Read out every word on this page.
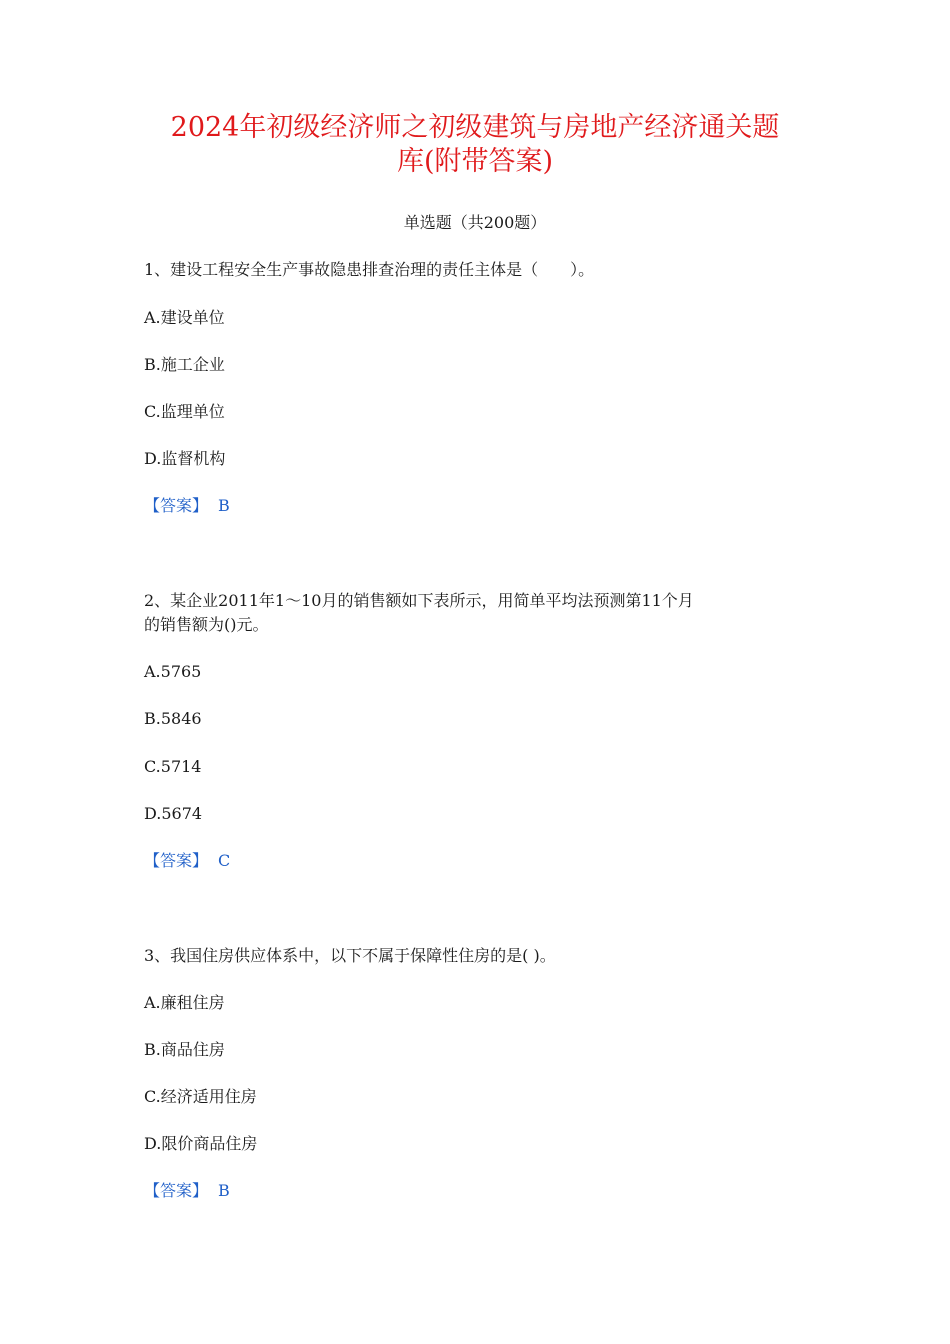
2024年初级经济师之初级建筑与房地产经济通关题
库(附带答案)
单选题（共200题）
1、建设工程安全生产事故隐患排查治理的责任主体是（　　）。
A.建设单位
B.施工企业
C.监理单位
D.监督机构
【答案】 B
2、某企业2011年1～10月的销售额如下表所示，用简单平均法预测第11个月
的销售额为()元。
A.5765
B.5846
C.5714
D.5674
【答案】 C
3、我国住房供应体系中，以下不属于保障性住房的是( )。
A.廉租住房
B.商品住房
C.经济适用住房
D.限价商品住房
【答案】 B
